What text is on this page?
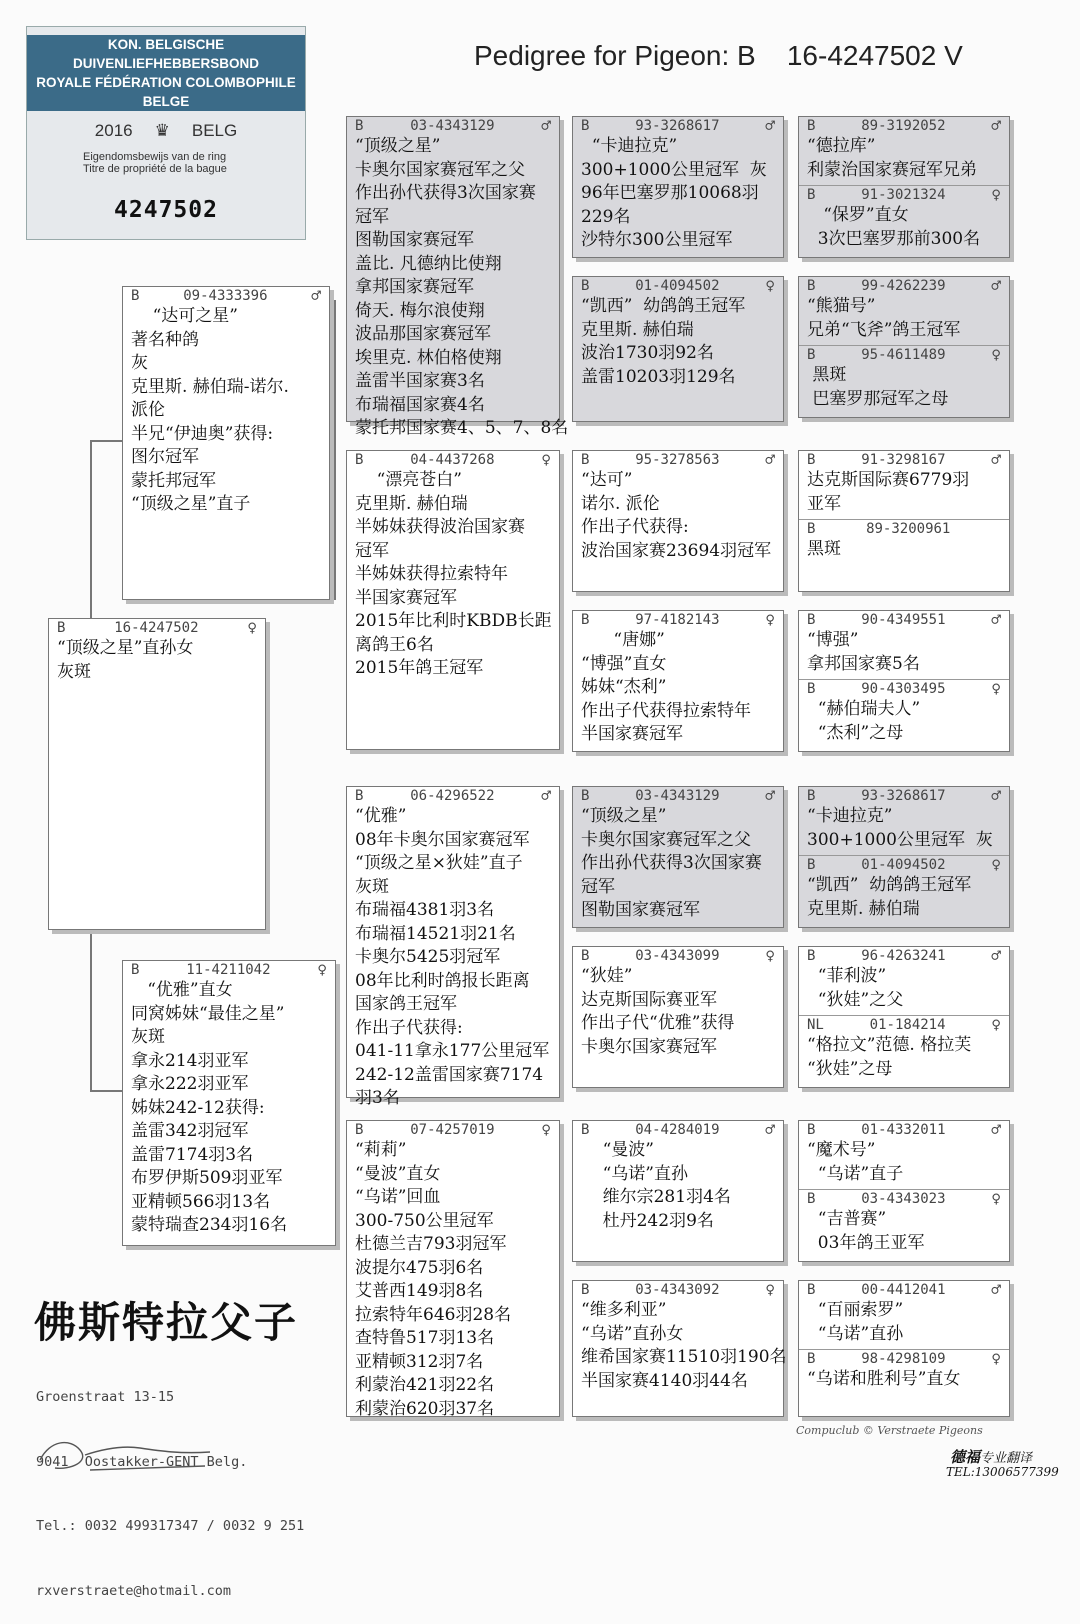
KON. BELGISCHE DUIVENLIEFHEBBERSBOND
ROYALE FÉDÉRATION COLOMBOPHILE BELGE
2016 ♛ BELG
Eigendomsbewijs van de ring
Titre de propriété de la bague
4247502
Pedigree for Pigeon: B    16-4247502 V
B	16-4247502	♀
“顶级之星”直孙女
灰斑
B	09-4333396	♂
“达可之星”
著名种鸽
灰
克里斯. 赫伯瑞-诺尔.
派伦
半兄“伊迪奥”获得:
图尔冠军
蒙托邦冠军
“顶级之星”直子
B	11-4211042	♀
“优雅”直女
同窝姊妹“最佳之星”
灰斑
拿永214羽亚军
拿永222羽亚军
姊妹242-12获得:
盖雷342羽冠军
盖雷7174羽3名
布罗伊斯509羽亚军
亚精顿566羽13名
蒙特瑞查234羽16名
B	03-4343129	♂
“顶级之星”
卡奥尔国家赛冠军之父
作出孙代获得3次国家赛
冠军
图勒国家赛冠军
盖比. 凡德纳比使翔
拿邦国家赛冠军
倚天. 梅尔浪使翔
波品那国家赛冠军
埃里克. 林伯格使翔
盖雷半国家赛3名
布瑞福国家赛4名
蒙托邦国家赛4、5、7、8名
B	04-4437268	♀
“漂亮苍白”
克里斯. 赫伯瑞
半姊妹获得波治国家赛
冠军
半姊妹获得拉索特年
半国家赛冠军
2015年比利时KBDB长距
离鸽王6名
2015年鸽王冠军
B	06-4296522	♂
“优雅”
08年卡奥尔国家赛冠军
“顶级之星×狄娃”直子
灰斑
布瑞福4381羽3名
布瑞福14521羽21名
卡奥尔5425羽冠军
08年比利时鸽报长距离
国家鸽王冠军
作出子代获得:
041-11拿永177公里冠军
242-12盖雷国家赛7174
羽3名
B	07-4257019	♀
“莉莉”
“曼波”直女
“乌诺”回血
300-750公里冠军
杜德兰吉793羽冠军
波提尔475羽6名
艾普西149羽8名
拉索特年646羽28名
查特鲁517羽13名
亚精顿312羽7名
利蒙治421羽22名
利蒙治620羽37名
B	93-3268617	♂
“卡迪拉克”
300+1000公里冠军  灰
96年巴塞罗那10068羽
229名
沙特尔300公里冠军
B	01-4094502	♀
“凯西”  幼鸽鸽王冠军
克里斯. 赫伯瑞
波治1730羽92名
盖雷10203羽129名
B	95-3278563	♂
“达可”
诺尔. 派伦
作出子代获得:
波治国家赛23694羽冠军
B	97-4182143	♀
“唐娜”
“博强”直女
姊妹“杰利”
作出子代获得拉索特年
半国家赛冠军
B	03-4343129	♂
“顶级之星”
卡奥尔国家赛冠军之父
作出孙代获得3次国家赛
冠军
图勒国家赛冠军
B	03-4343099	♀
“狄娃”
达克斯国际赛亚军
作出子代“优雅”获得
卡奥尔国家赛冠军
B	04-4284019	♂
“曼波”
“乌诺”直孙
维尔宗281羽4名
杜丹242羽9名
B	03-4343092	♀
“维多利亚”
“乌诺”直孙女
维希国家赛11510羽190名
半国家赛4140羽44名
B	89-3192052	♂
“德拉库”
利蒙治国家赛冠军兄弟
B	91-3021324	♀
“保罗”直女
3次巴塞罗那前300名
B	99-4262239	♂
“熊猫号”
兄弟“飞斧”鸽王冠军
B	95-4611489	♀
黑斑
巴塞罗那冠军之母
B	91-3298167	♂
达克斯国际赛6779羽
亚军
B	89-3200961
黑斑
B	90-4349551	♂
“博强”
拿邦国家赛5名
B	90-4303495	♀
“赫伯瑞夫人”
“杰利”之母
B	93-3268617	♂
“卡迪拉克”
300+1000公里冠军  灰
B	01-4094502	♀
“凯西”  幼鸽鸽王冠军
克里斯. 赫伯瑞
B	96-4263241	♂
“菲利波”
“狄娃”之父
NL	01-184214	♀
“格拉文”范德. 格拉芙
“狄娃”之母
B	01-4332011	♂
“魔术号”
“乌诺”直子
B	03-4343023	♀
“吉普赛”
03年鸽王亚军
B	00-4412041	♂
“百丽索罗”
“乌诺”直孙
B	98-4298109	♀
“乌诺和胜利号”直女
佛斯特拉父子

Groenstraat 13-15

9041  Oostakker-GENT Belg.

Tel.: 0032 499317347 / 0032 9 251

rxverstraete@hotmail.com

Compuclub © Verstraete Pigeons
德福专业翻译
TEL:13006577399
